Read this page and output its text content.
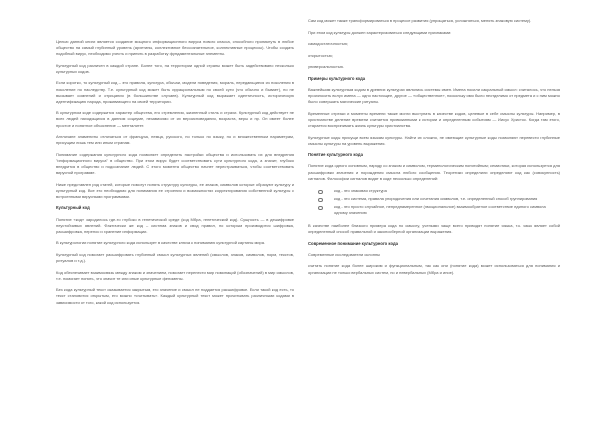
Целью данной книги является создание мощного информационного вируса нового класса, способного проникнуть в любое общество на самый глубинный уровень (архетипы, коллективное бессознательное, коллективные процессы). Чтобы создать подобный вирус, необходимо учесть и принять в разработку фундаментальные элементы.

Культурный код различен в каждой стране. Более того, на территории одной страны может быть задействовано несколько культурных кодов.

Если коротко, то культурный код – это правила, культура, обычаи, модели поведения, мораль, передающиеся из поколения в поколение по наследству. Т.е. культурный код может быть иррациональным по своей сути (что обычно и бывает), но не вызывает сомнений и отрицания (в большинстве случаев). Культурный код выражает идентичность, историческую идентификацию народа, проживающего на своей территории.

В культурном коде содержится характер общества, его стремления, жизненный стиль и страхи. Культурный код действует не всех людей находящихся в данном социуме, независимо от их вероисповедания, возраста, веры и пр. Он имеет более простое и понятное объяснение — менталитет.

Англичане знамениты отличаться от француза, немца, русского, но только по языку, но и множественным параметрам, присущим лишь тем или иным странам.

Понимание содержания культурного кода позволяет определить настройки общества и использовать их для внедрения "информационного вируса" в общество. При этом вирус будет соответствовать сути культурного кода, а значит, глубоко внедрится в общество и подсознание людей. С этого момента общество начнет перестраиваться, чтобы соответствовать вирусной программе.

Ниже представлен ряд статей, которые помогут понять структуру культуры, ее знаков, символов которые образуют культуру и культурный код. Все это необходимо для понимания ее строения и возможностях корректирования собственной культуры с встроенными вирусными программами.

Культурный код

Понятие «код» зародилось где-то глубоко в генетической среде (код Мбра, генетический код). Сущность — в дешифровке неустойчивых явлений. Фактически же код – система знаков и свод правил, по которым производится шифровка, расшифровка, перенос и хранение информации.

В культурологии понятие культурного кода использует в качестве ключа к пониманию культурной картины мира.

Культурный код помогает расшифровать глубинный смысл культурных явлений (смыслов, знаков, символов, норм, текстов, ритуалов и т.д.).

Код обеспечивает взаимосвязь между знаком и значением, помогает перенести мир номинаций (обозначений) в мир смыслов, т.е. помогает понять, что значит те или иные культурные феномены.

Без кода культурный текст оказывается закрытым, его значение и смысл не поддается расшифровке. Если такой код есть, то текст становится открытым, его можно «считывать». Каждый культурный текст может прочитывать различными кодами в зависимости от того, какой код используется.

Сам код может также трансформироваться в процессе развития (упрощаться, усложняться, менять знаковую систему).

При этом код культуры должен характеризоваться следующими признаками:

самодостаточностью;

открытостью;

универсальностью.

Примеры культурного кода

Важнейшим культурным кодом в древних культурах являлись системы имен. Имена носили сакральный смысл: считалось, что нельзя произносить вслух имена — одно настоящее, другое — «общественное», поскольку имя было неотделимо от предмета и с ним можно было совершать магические ритуалы.

Временные отрезки и моменты времени также могли выступать в качестве кодов, целевые в себе смыслы культуры. Например, в христианстве деление времени считается привязанными к истории и определенным событиям — Иисус Христос. Когда там этого, старается воспринимать жизнь культуры христианства.

Культурные коды присущи всем языкам культуры. Найти их сложно, не имеющие культурные коды позволяют перевести глубинные смыслы культуры на уровень выражения.

Понятие культурного кода

Понятие кода одного основным, наряду со знаком и символом, терминологическим понятийным; семиотики, которая используется для расшифровки значения и порождения смысла любого сообщения. Теоретики определили определяют код как (совокупность) сигналов. Философии сигналов видят в коде несколько определений:

код - это знаковая структура
код - это система, правила упорядочения или сочетания символов, т.е. определенный способ группирования
код - это просто случайное, непреднамеренное (эмоциональное) взаимообратное соответствие единого символа одному значению

В качестве наиболее близкого примера кода по смыслу, учеными чаще всего приводят понятие языка, т.к. язык являет собой определенный способ правильной и законосберной организации выражения.

Современное понимание культурного кода

Современные исследователи склонны

считать понятие кода более широким и функциональным, так как они (понятие кода) может использоваться для понимания и организации не только вербальных систем, но и невербальных (Мбра и иное).
